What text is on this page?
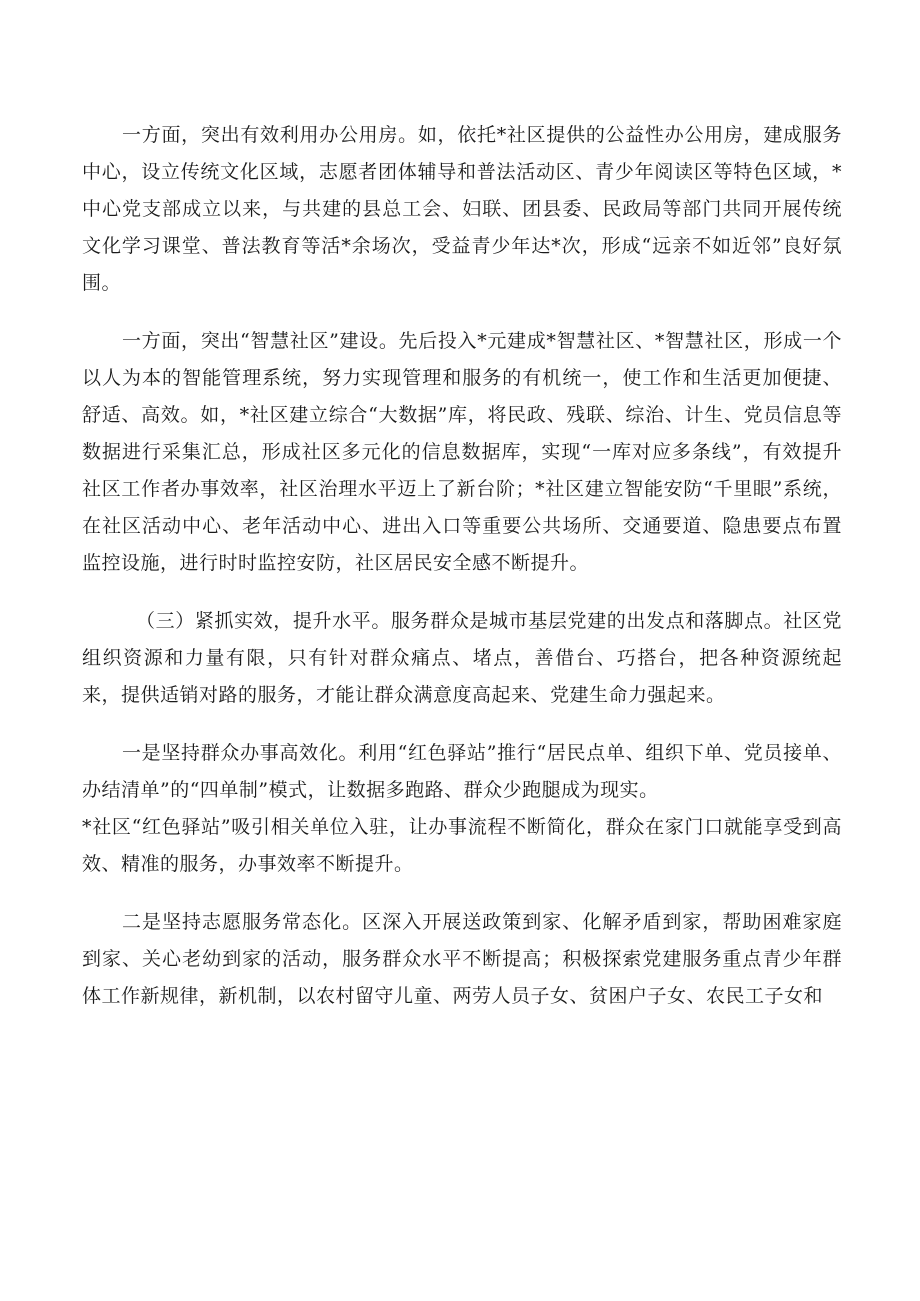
一方面，突出有效利用办公用房。如，依托*社区提供的公益性办公用房，建成服务中心，设立传统文化区域，志愿者团体辅导和普法活动区、青少年阅读区等特色区域，*中心党支部成立以来，与共建的县总工会、妇联、团县委、民政局等部门共同开展传统文化学习课堂、普法教育等活*余场次，受益青少年达*次，形成“远亲不如近邻”良好氛围。

一方面，突出“智慧社区”建设。先后投入*元建成*智慧社区、*智慧社区，形成一个以人为本的智能管理系统，努力实现管理和服务的有机统一，使工作和生活更加便捷、舒适、高效。如，*社区建立综合“大数据”库，将民政、残联、综治、计生、党员信息等数据进行采集汇总，形成社区多元化的信息数据库，实现“一库对应多条线”，有效提升社区工作者办事效率，社区治理水平迈上了新台阶；*社区建立智能安防“千里眼”系统，在社区活动中心、老年活动中心、进出入口等重要公共场所、交通要道、隐患要点布置监控设施，进行时时监控安防，社区居民安全感不断提升。

（三）紧抓实效，提升水平。服务群众是城市基层党建的出发点和落脚点。社区党组织资源和力量有限，只有针对群众痛点、堵点，善借台、巧搭台，把各种资源统起来，提供适销对路的服务，才能让群众满意度高起来、党建生命力强起来。

一是坚持群众办事高效化。利用“红色驿站”推行“居民点单、组织下单、党员接单、办结清单”的“四单制”模式，让数据多跑路、群众少跑腿成为现实。

*社区“红色驿站”吸引相关单位入驻，让办事流程不断简化，群众在家门口就能享受到高效、精准的服务，办事效率不断提升。

二是坚持志愿服务常态化。区深入开展送政策到家、化解矛盾到家，帮助困难家庭到家、关心老幼到家的活动，服务群众水平不断提高；积极探索党建服务重点青少年群体工作新规律，新机制，以农村留守儿童、两劳人员子女、贫困户子女、农民工子女和
